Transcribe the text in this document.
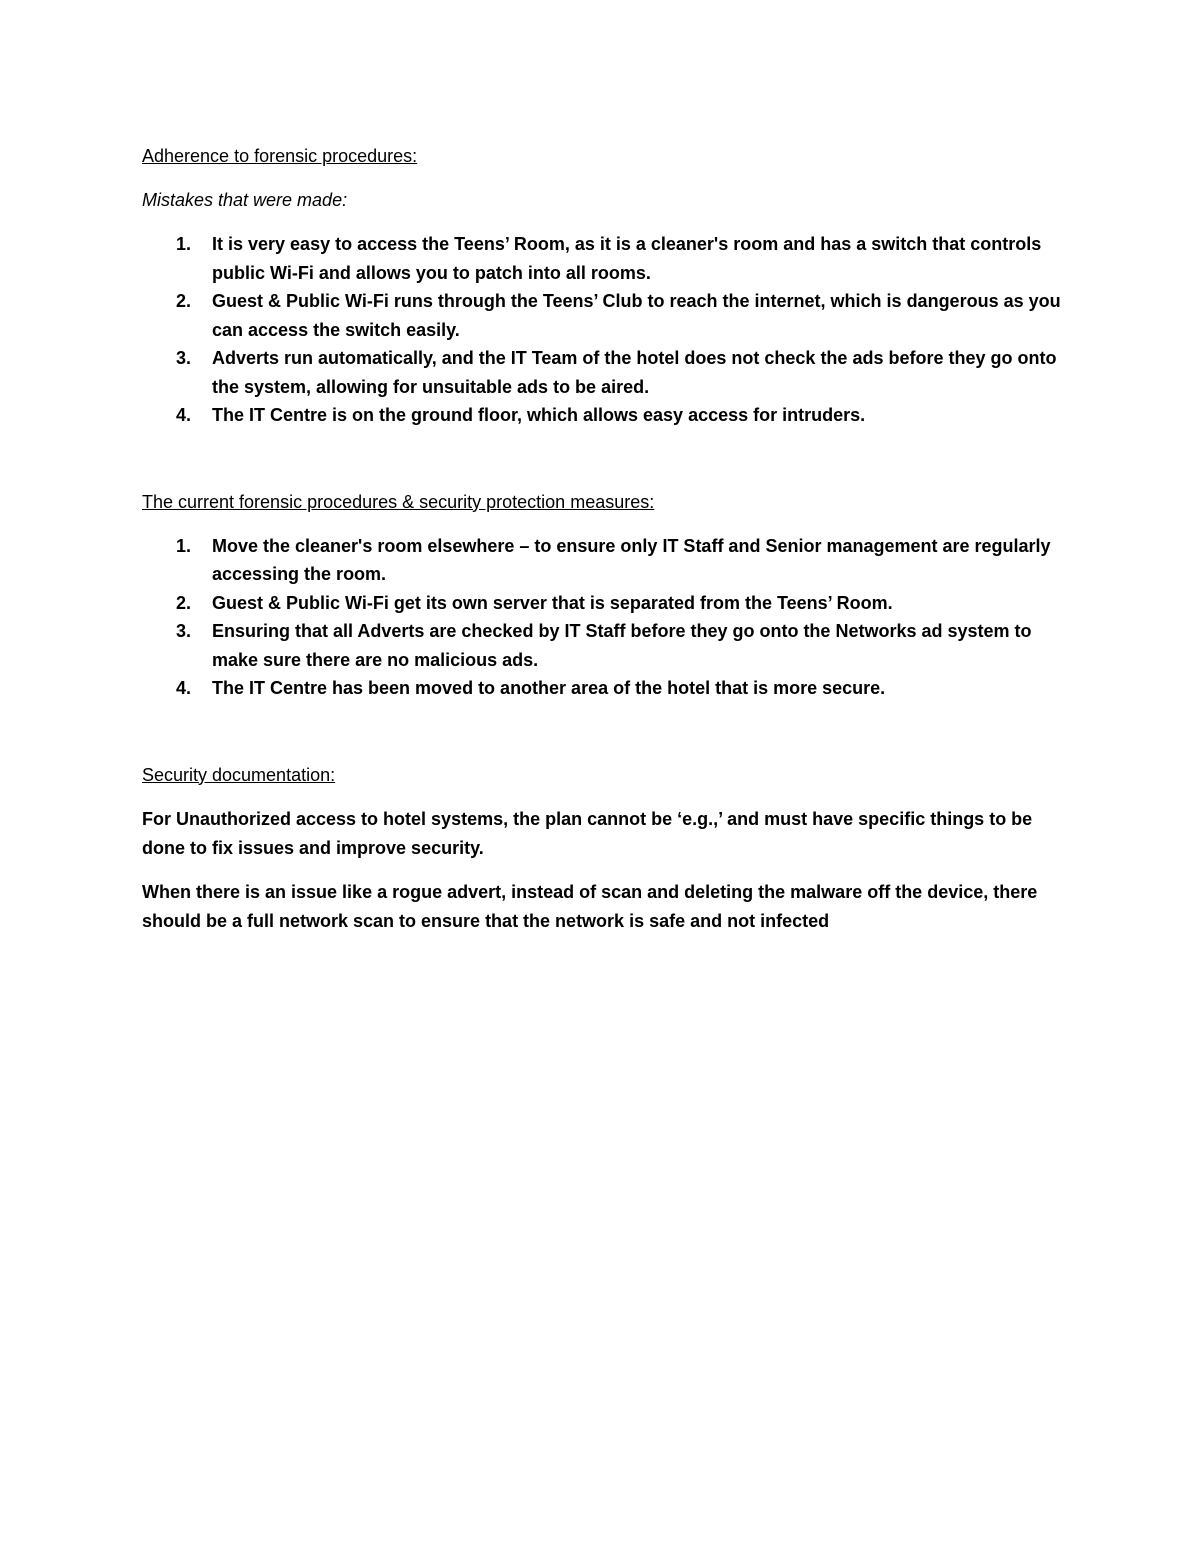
Adherence to forensic procedures:
Mistakes that were made:
1. It is very easy to access the Teens’ Room, as it is a cleaner's room and has a switch that controls public Wi-Fi and allows you to patch into all rooms.
2. Guest & Public Wi-Fi runs through the Teens’ Club to reach the internet, which is dangerous as you can access the switch easily.
3. Adverts run automatically, and the IT Team of the hotel does not check the ads before they go onto the system, allowing for unsuitable ads to be aired.
4. The IT Centre is on the ground floor, which allows easy access for intruders.
The current forensic procedures & security protection measures:
1. Move the cleaner's room elsewhere – to ensure only IT Staff and Senior management are regularly accessing the room.
2. Guest & Public Wi-Fi get its own server that is separated from the Teens’ Room.
3. Ensuring that all Adverts are checked by IT Staff before they go onto the Networks ad system to make sure there are no malicious ads.
4. The IT Centre has been moved to another area of the hotel that is more secure.
Security documentation:

For Unauthorized access to hotel systems, the plan cannot be ‘e.g.,’ and must have specific things to be done to fix issues and improve security.

When there is an issue like a rogue advert, instead of scan and deleting the malware off the device, there should be a full network scan to ensure that the network is safe and not infected
